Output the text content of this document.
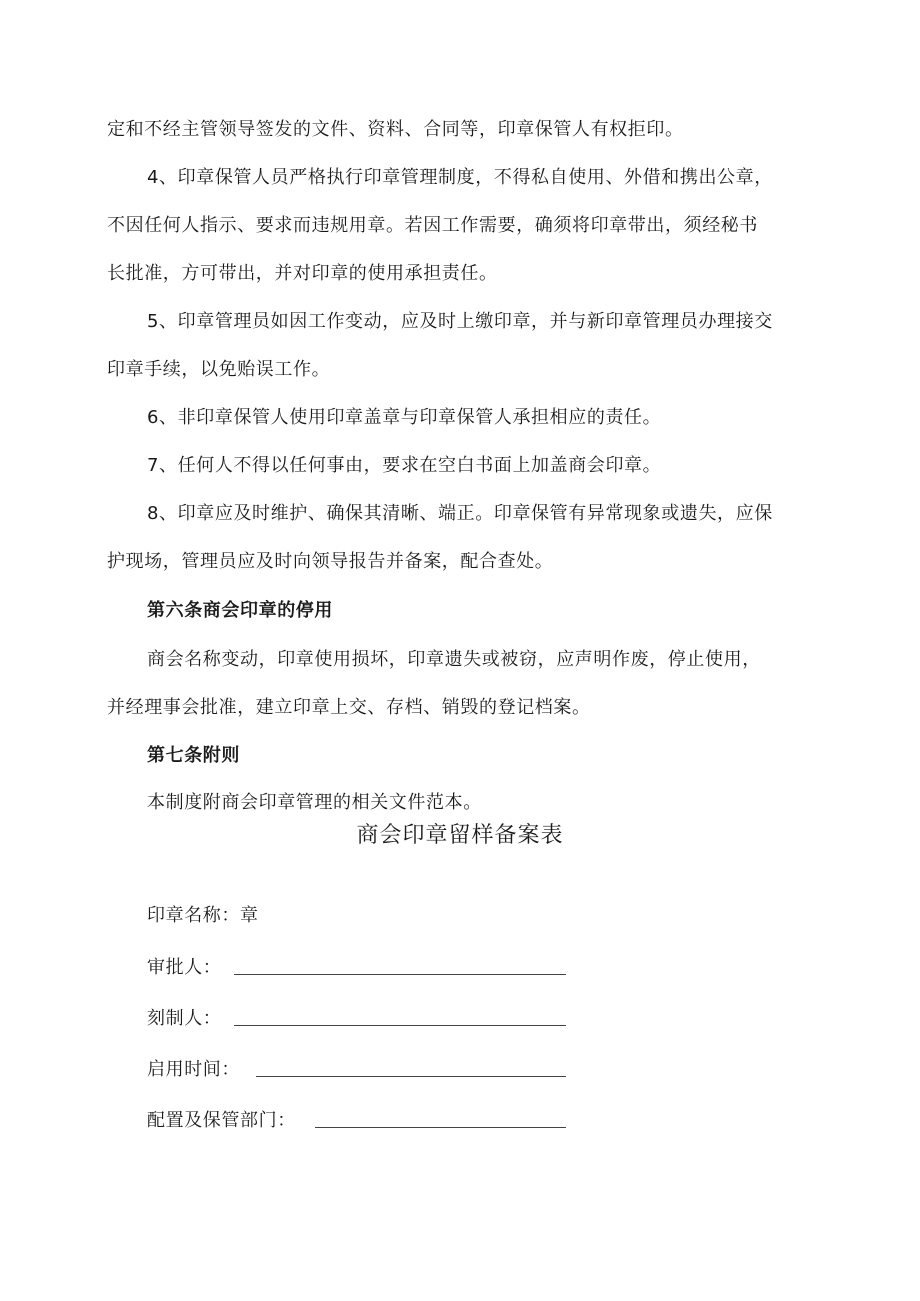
定和不经主管领导签发的文件、资料、合同等，印章保管人有权拒印。
4、印章保管人员严格执行印章管理制度，不得私自使用、外借和携出公章，
不因任何人指示、要求而违规用章。若因工作需要，确须将印章带出，须经秘书
长批准，方可带出，并对印章的使用承担责任。
5、印章管理员如因工作变动，应及时上缴印章，并与新印章管理员办理接交
印章手续，以免贻误工作。
6、非印章保管人使用印章盖章与印章保管人承担相应的责任。
7、任何人不得以任何事由，要求在空白书面上加盖商会印章。
8、印章应及时维护、确保其清晰、端正。印章保管有异常现象或遗失，应保
护现场，管理员应及时向领导报告并备案，配合查处。
第六条商会印章的停用
商会名称变动，印章使用损坏，印章遗失或被窃，应声明作废，停止使用，
并经理事会批准，建立印章上交、存档、销毁的登记档案。
第七条附则
本制度附商会印章管理的相关文件范本。
商会印章留样备案表
印章名称：章
审批人：
刻制人：
启用时间：
配置及保管部门：
